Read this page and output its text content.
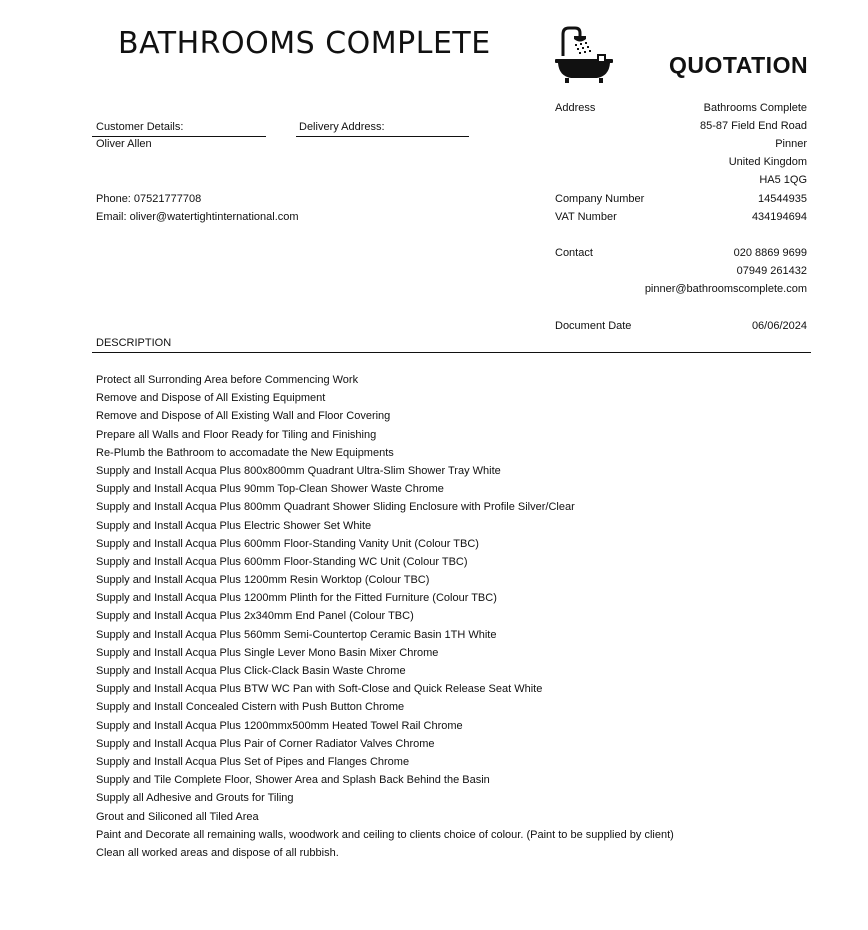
BATHROOMS COMPLETE
QUOTATION
Customer Details:	Delivery Address:
Oliver Allen
Phone: 07521777708
Email: oliver@watertightinternational.com
Address
Company Number
VAT Number
Contact
Document Date
Bathrooms Complete
85-87 Field End Road
Pinner
United Kingdom
HA5 1QG
14544935
434194694
020 8869 9699
07949 261432
pinner@bathroomscomplete.com
06/06/2024
DESCRIPTION
Protect all Surronding Area before Commencing Work
Remove and Dispose of All Existing Equipment
Remove and Dispose of All Existing Wall and Floor Covering
Prepare all Walls and Floor Ready for Tiling and Finishing
Re-Plumb the Bathroom to accomadate the New Equipments
Supply and Install Acqua Plus 800x800mm Quadrant Ultra-Slim Shower Tray White
Supply and Install Acqua Plus 90mm Top-Clean Shower Waste Chrome
Supply and Install Acqua Plus 800mm Quadrant Shower Sliding Enclosure with Profile Silver/Clear
Supply and Install Acqua Plus Electric Shower Set White
Supply and Install Acqua Plus 600mm Floor-Standing Vanity Unit (Colour TBC)
Supply and Install Acqua Plus 600mm Floor-Standing WC Unit (Colour TBC)
Supply and Install Acqua Plus 1200mm Resin Worktop (Colour TBC)
Supply and Install Acqua Plus 1200mm Plinth for the Fitted Furniture (Colour TBC)
Supply and Install Acqua Plus 2x340mm End Panel (Colour TBC)
Supply and Install Acqua Plus 560mm Semi-Countertop Ceramic Basin 1TH White
Supply and Install Acqua Plus Single Lever Mono Basin Mixer Chrome
Supply and Install Acqua Plus Click-Clack Basin Waste Chrome
Supply and Install Acqua Plus BTW WC Pan with Soft-Close and Quick Release Seat White
Supply and Install Concealed Cistern with Push Button Chrome
Supply and Install Acqua Plus 1200mmx500mm Heated Towel Rail Chrome
Supply and Install Acqua Plus Pair of Corner Radiator Valves Chrome
Supply and Install Acqua Plus Set of Pipes and Flanges Chrome
Supply and Tile Complete Floor, Shower Area and Splash Back Behind the Basin
Supply all Adhesive and Grouts for Tiling
Grout and Siliconed all Tiled Area
Paint and Decorate all remaining walls, woodwork and ceiling to clients choice of colour. (Paint to be supplied by client)
Clean all worked areas and dispose of all rubbish.
